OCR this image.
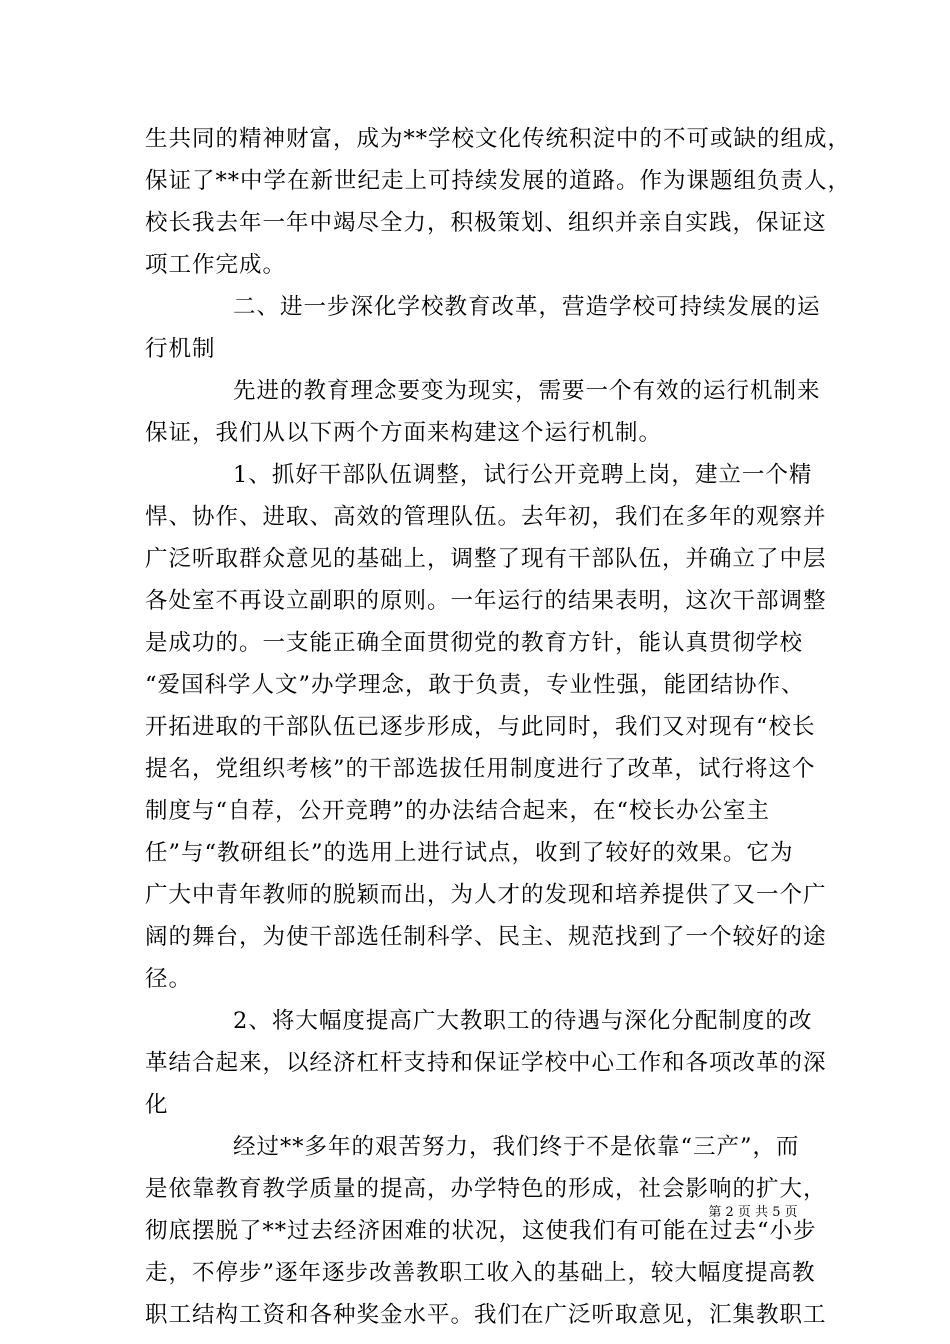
生共同的精神财富，成为**学校文化传统积淀中的不可或缺的组成，
保证了**中学在新世纪走上可持续发展的道路。作为课题组负责人，
校长我去年一年中竭尽全力，积极策划、组织并亲自实践，保证这
项工作完成。
二、进一步深化学校教育改革，营造学校可持续发展的运
行机制
先进的教育理念要变为现实，需要一个有效的运行机制来
保证，我们从以下两个方面来构建这个运行机制。
1、抓好干部队伍调整，试行公开竞聘上岗，建立一个精
悍、协作、进取、高效的管理队伍。去年初，我们在多年的观察并
广泛听取群众意见的基础上，调整了现有干部队伍，并确立了中层
各处室不再设立副职的原则。一年运行的结果表明，这次干部调整
是成功的。一支能正确全面贯彻党的教育方针，能认真贯彻学校
“爱国科学人文”办学理念，敢于负责，专业性强，能团结协作、
开拓进取的干部队伍已逐步形成，与此同时，我们又对现有“校长
提名，党组织考核”的干部选拔任用制度进行了改革，试行将这个
制度与“自荐，公开竞聘”的办法结合起来，在“校长办公室主
任”与“教研组长”的选用上进行试点，收到了较好的效果。它为
广大中青年教师的脱颖而出，为人才的发现和培养提供了又一个广
阔的舞台，为使干部选任制科学、民主、规范找到了一个较好的途
径。
2、将大幅度提高广大教职工的待遇与深化分配制度的改
革结合起来，以经济杠杆支持和保证学校中心工作和各项改革的深
化
经过**多年的艰苦努力，我们终于不是依靠“三产”，而
是依靠教育教学质量的提高，办学特色的形成，社会影响的扩大，
彻底摆脱了**过去经济困难的状况，这使我们有可能在过去“小步
走，不停步”逐年逐步改善教职工收入的基础上，较大幅度提高教
职工结构工资和各种奖金水平。我们在广泛听取意见，汇集教职工
第 2 页 共 5 页
